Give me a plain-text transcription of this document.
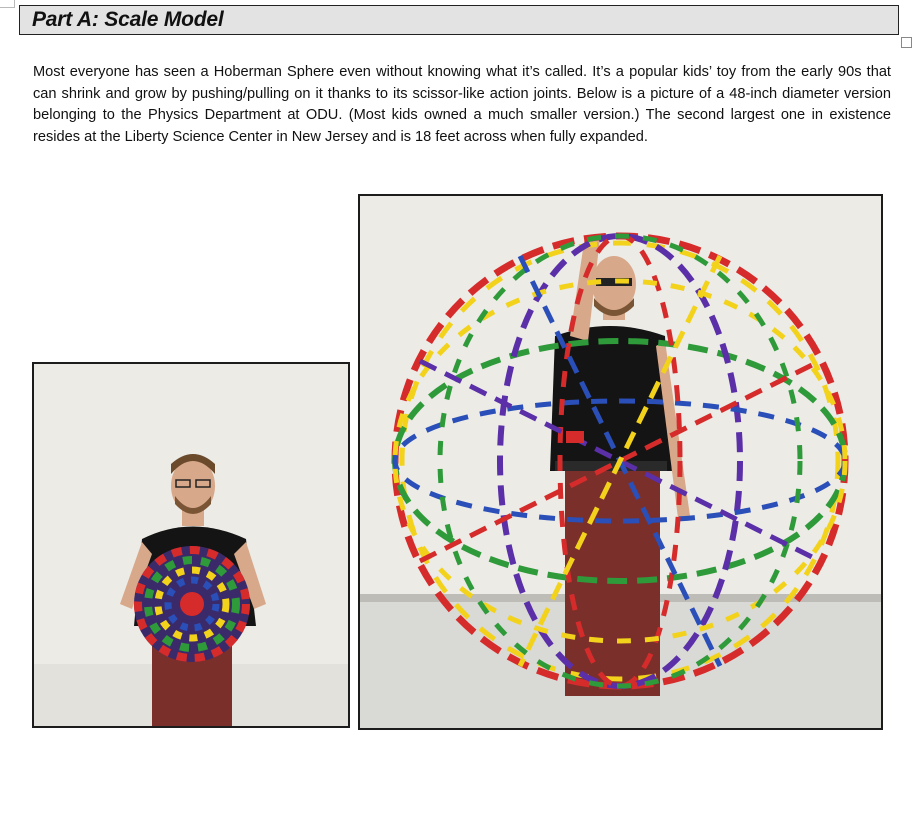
Part A: Scale Model

Most everyone has seen a Hoberman Sphere even without knowing what it’s called. It’s a popular kids’ toy from the early 90s that can shrink and grow by pushing/pulling on it thanks to its scissor-like action joints. Below is a picture of a 48-inch diameter version belonging to the Physics Department at ODU. (Most kids owned a much smaller version.) The second largest one in existence resides at the Liberty Science Center in New Jersey and is 18 feet across when fully expanded.
